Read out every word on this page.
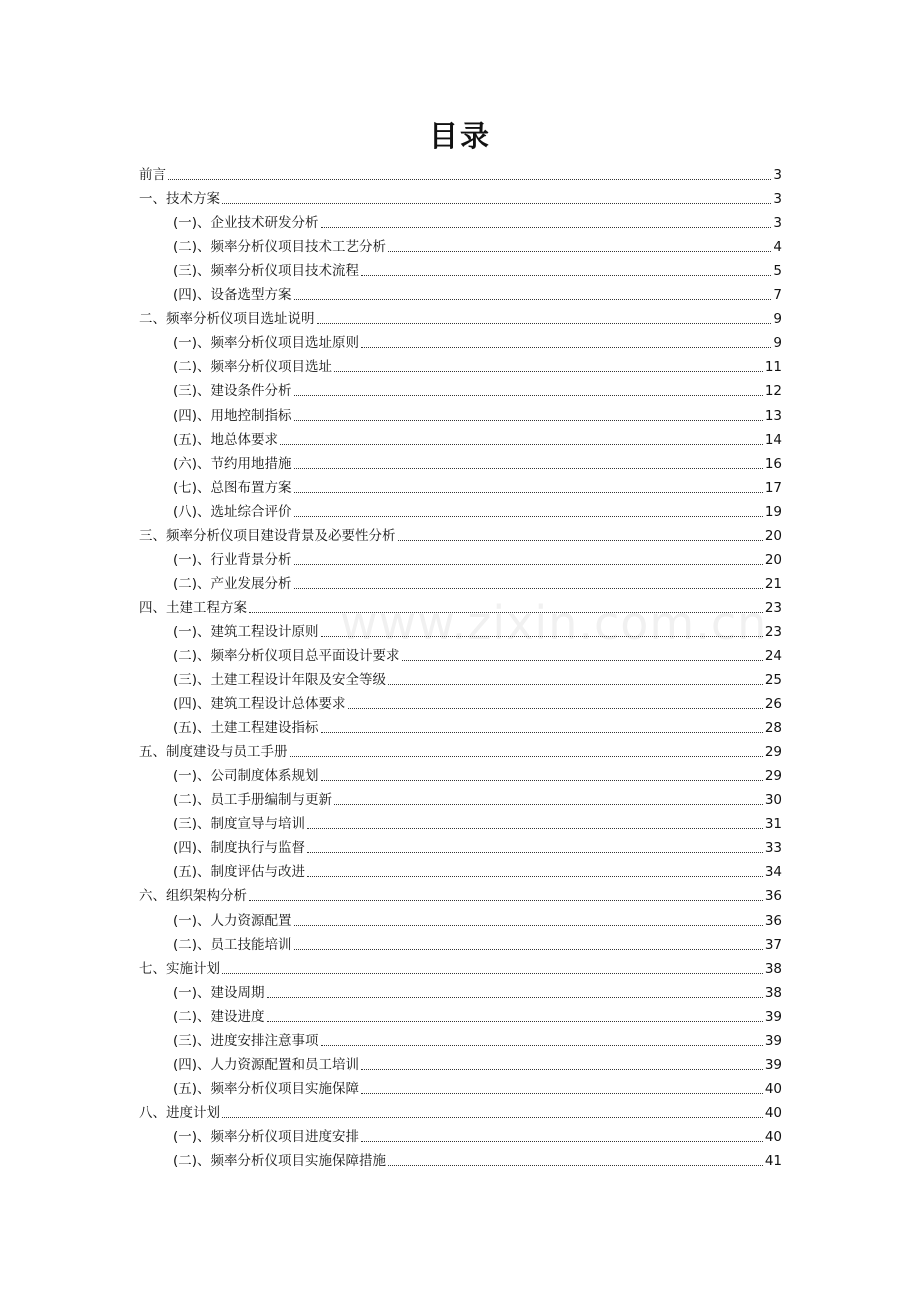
目录
www.zixin.com.cn
前言	3
一、技术方案	3
(一)、企业技术研发分析	3
(二)、频率分析仪项目技术工艺分析	4
(三)、频率分析仪项目技术流程	5
(四)、设备选型方案	7
二、频率分析仪项目选址说明	9
(一)、频率分析仪项目选址原则	9
(二)、频率分析仪项目选址	11
(三)、建设条件分析	12
(四)、用地控制指标	13
(五)、地总体要求	14
(六)、节约用地措施	16
(七)、总图布置方案	17
(八)、选址综合评价	19
三、频率分析仪项目建设背景及必要性分析	20
(一)、行业背景分析	20
(二)、产业发展分析	21
四、土建工程方案	23
(一)、建筑工程设计原则	23
(二)、频率分析仪项目总平面设计要求	24
(三)、土建工程设计年限及安全等级	25
(四)、建筑工程设计总体要求	26
(五)、土建工程建设指标	28
五、制度建设与员工手册	29
(一)、公司制度体系规划	29
(二)、员工手册编制与更新	30
(三)、制度宣导与培训	31
(四)、制度执行与监督	33
(五)、制度评估与改进	34
六、组织架构分析	36
(一)、人力资源配置	36
(二)、员工技能培训	37
七、实施计划	38
(一)、建设周期	38
(二)、建设进度	39
(三)、进度安排注意事项	39
(四)、人力资源配置和员工培训	39
(五)、频率分析仪项目实施保障	40
八、进度计划	40
(一)、频率分析仪项目进度安排	40
(二)、频率分析仪项目实施保障措施	41
